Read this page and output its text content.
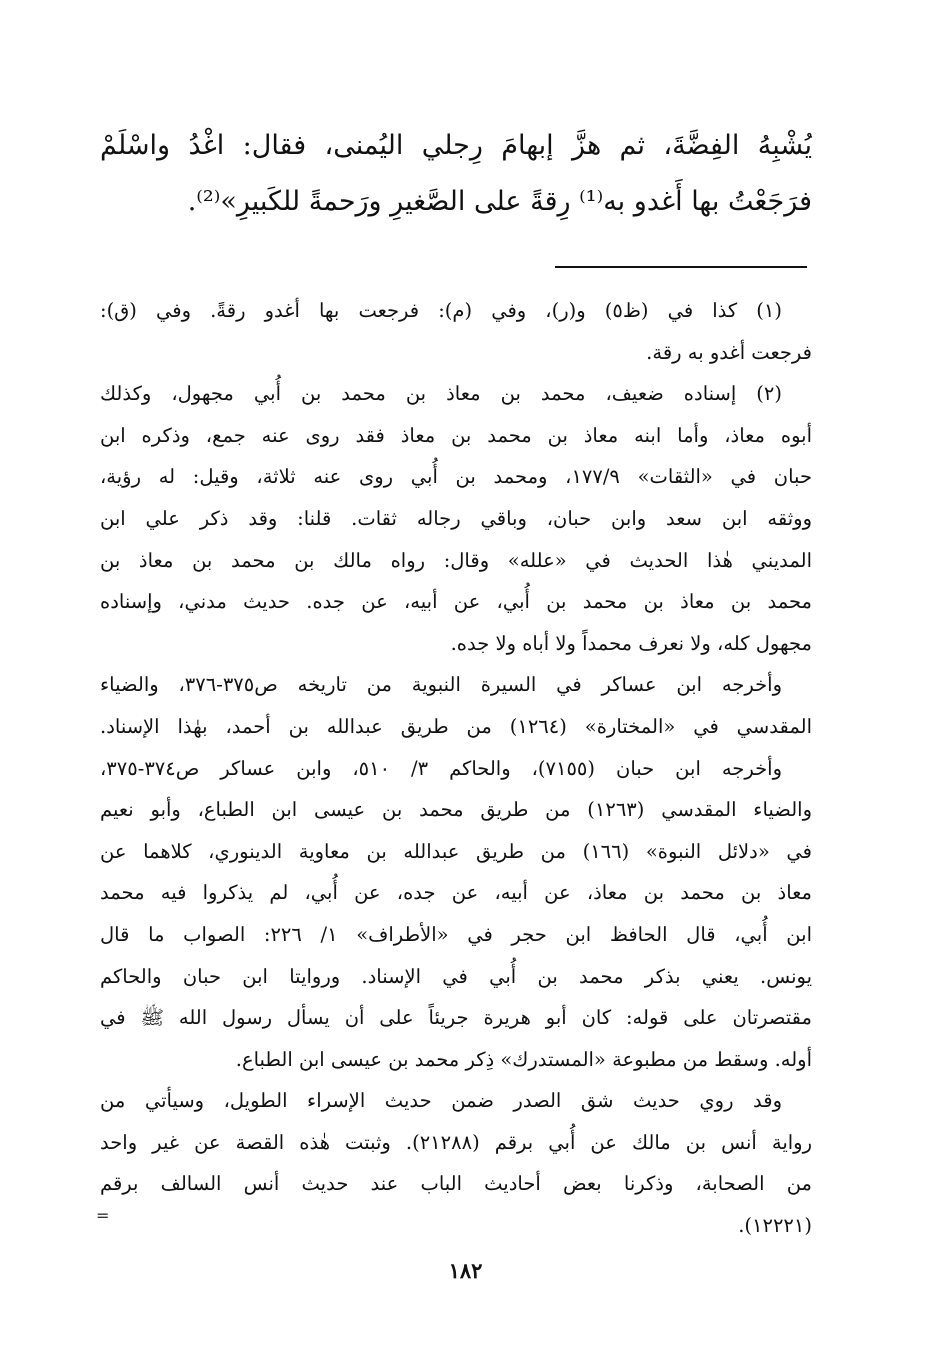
يُشْبِهُ الفِضَّةَ، ثم هزَّ إبهامَ رِجلي اليُمنى، فقال: اغْدُ واسْلَمْ
فرَجَعْتُ بها أَغدو به⁽¹⁾ رِقةً على الصَّغيرِ ورَحمةً للكَبيرِ»⁽²⁾.
(١) كذا في (ظ٥) و(ر)، وفي (م): فرجعت بها أغدو رقةً. وفي (ق):
فرجعت أغدو به رقة.
(٢) إسناده ضعيف، محمد بن معاذ بن محمد بن أُبي مجهول، وكذلك
أبوه معاذ، وأما ابنه معاذ بن محمد بن معاذ فقد روى عنه جمع، وذكره ابن
حبان في «الثقات» ١٧٧/٩، ومحمد بن أُبي روى عنه ثلاثة، وقيل: له رؤية،
ووثقه ابن سعد وابن حبان، وباقي رجاله ثقات. قلنا: وقد ذكر علي ابن
المديني هٰذا الحديث في «علله» وقال: رواه مالك بن محمد بن معاذ بن
محمد بن معاذ بن محمد بن أُبي، عن أبيه، عن جده. حديث مدني، وإسناده
مجهول كله، ولا نعرف محمداً ولا أباه ولا جده.
وأخرجه ابن عساكر في السيرة النبوية من تاريخه ص٣٧٥-٣٧٦، والضياء
المقدسي في «المختارة» (١٢٦٤) من طريق عبدالله بن أحمد، بهٰذا الإسناد.
وأخرجه ابن حبان (٧١٥٥)، والحاكم ٣/ ٥١٠، وابن عساكر ص٣٧٤-٣٧٥،
والضياء المقدسي (١٢٦٣) من طريق محمد بن عيسى ابن الطباع، وأبو نعيم
في «دلائل النبوة» (١٦٦) من طريق عبدالله بن معاوية الدينوري، كلاهما عن
معاذ بن محمد بن معاذ، عن أبيه، عن جده، عن أُبي، لم يذكروا فيه محمد
ابن أُبي، قال الحافظ ابن حجر في «الأطراف» ١/ ٢٢٦: الصواب ما قال
يونس. يعني بذكر محمد بن أُبي في الإسناد. وروايتا ابن حبان والحاكم
مقتصرتان على قوله: كان أبو هريرة جريئاً على أن يسأل رسول الله ﷺ في
أوله. وسقط من مطبوعة «المستدرك» ذِكر محمد بن عيسى ابن الطباع.
وقد روي حديث شق الصدر ضمن حديث الإسراء الطويل، وسيأتي من
رواية أنس بن مالك عن أُبي برقم (٢١٢٨٨). وثبتت هٰذه القصة عن غير واحد
من الصحابة، وذكرنا بعض أحاديث الباب عند حديث أنس السالف برقم
(١٢٢٢١).
=
١٨٢
